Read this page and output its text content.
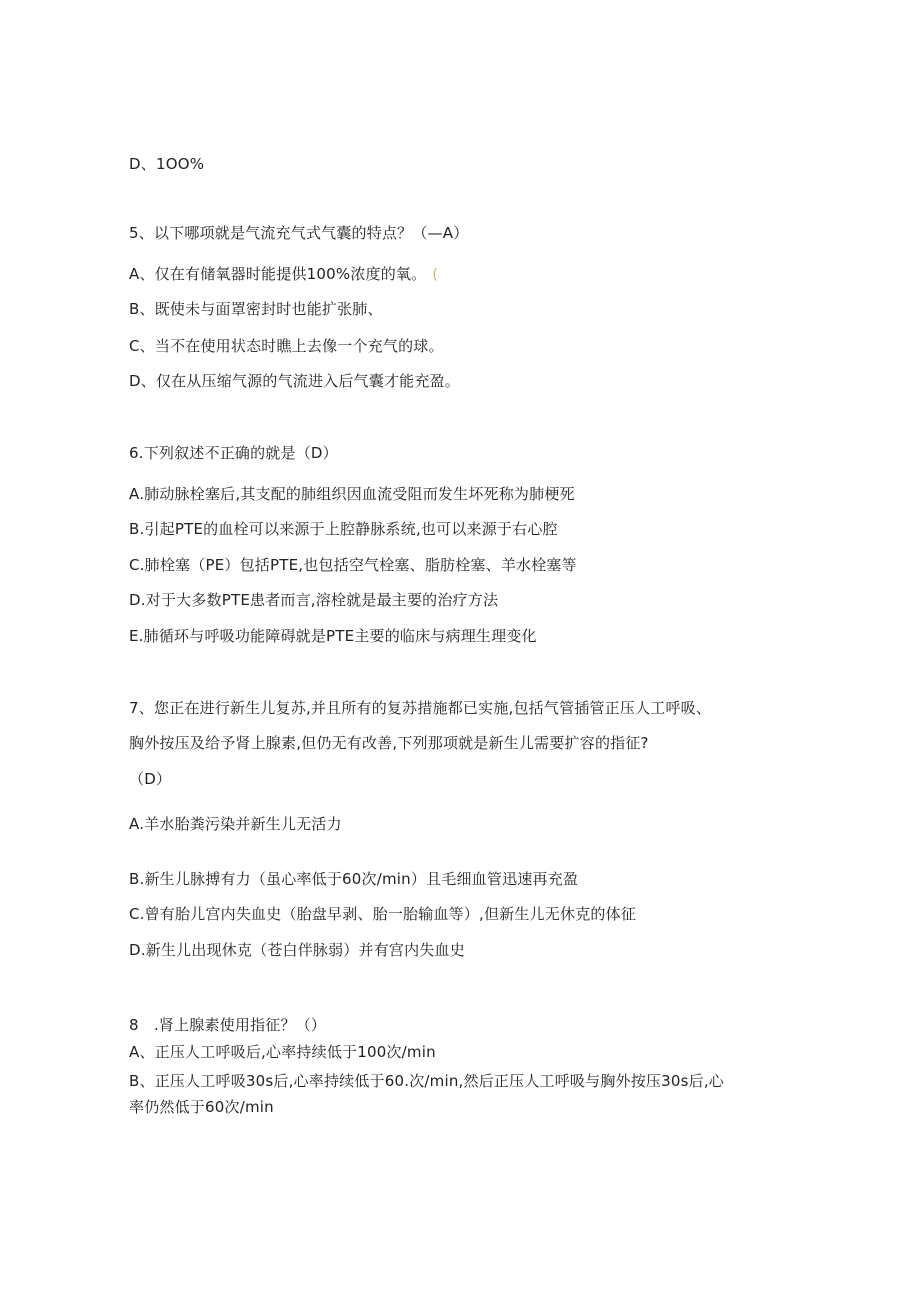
D、1OO%
5、以下哪项就是气流充气式气囊的特点？（—A）
A、仅在有储氧器时能提供100%浓度的氧。 (
B、既使未与面罩密封时也能扩张肺、
C、当不在使用状态时瞧上去像一个充气的球。
D、仅在从压缩气源的气流进入后气囊才能充盈。
6.下列叙述不正确的就是（D）
A.肺动脉栓塞后,其支配的肺组织因血流受阻而发生坏死称为肺梗死
B.引起PTE的血栓可以来源于上腔静脉系统,也可以来源于右心腔
C.肺栓塞（PE）包括PTE,也包括空气栓塞、脂肪栓塞、羊水栓塞等
D.对于大多数PTE患者而言,溶栓就是最主要的治疗方法
E.肺循环与呼吸功能障碍就是PTE主要的临床与病理生理变化
7、您正在进行新生儿复苏,并且所有的复苏措施都已实施,包括气管插管正压人工呼吸、
胸外按压及给予肾上腺素,但仍无有改善,下列那项就是新生儿需要扩容的指征?
（D）
A.羊水胎粪污染并新生儿无活力
B.新生儿脉搏有力（虽心率低于60次/min）且毛细血管迅速再充盈
C.曾有胎儿宫内失血史（胎盘早剥、胎一胎输血等）,但新生儿无休克的体征
D.新生儿出现休克（苍白伴脉弱）并有宫内失血史
8　.肾上腺素使用指征？（）
A、正压人工呼吸后,心率持续低于100次/min
B、正压人工呼吸30s后,心率持续低于60.次/min,然后正压人工呼吸与胸外按压30s后,心
率仍然低于60次/min
